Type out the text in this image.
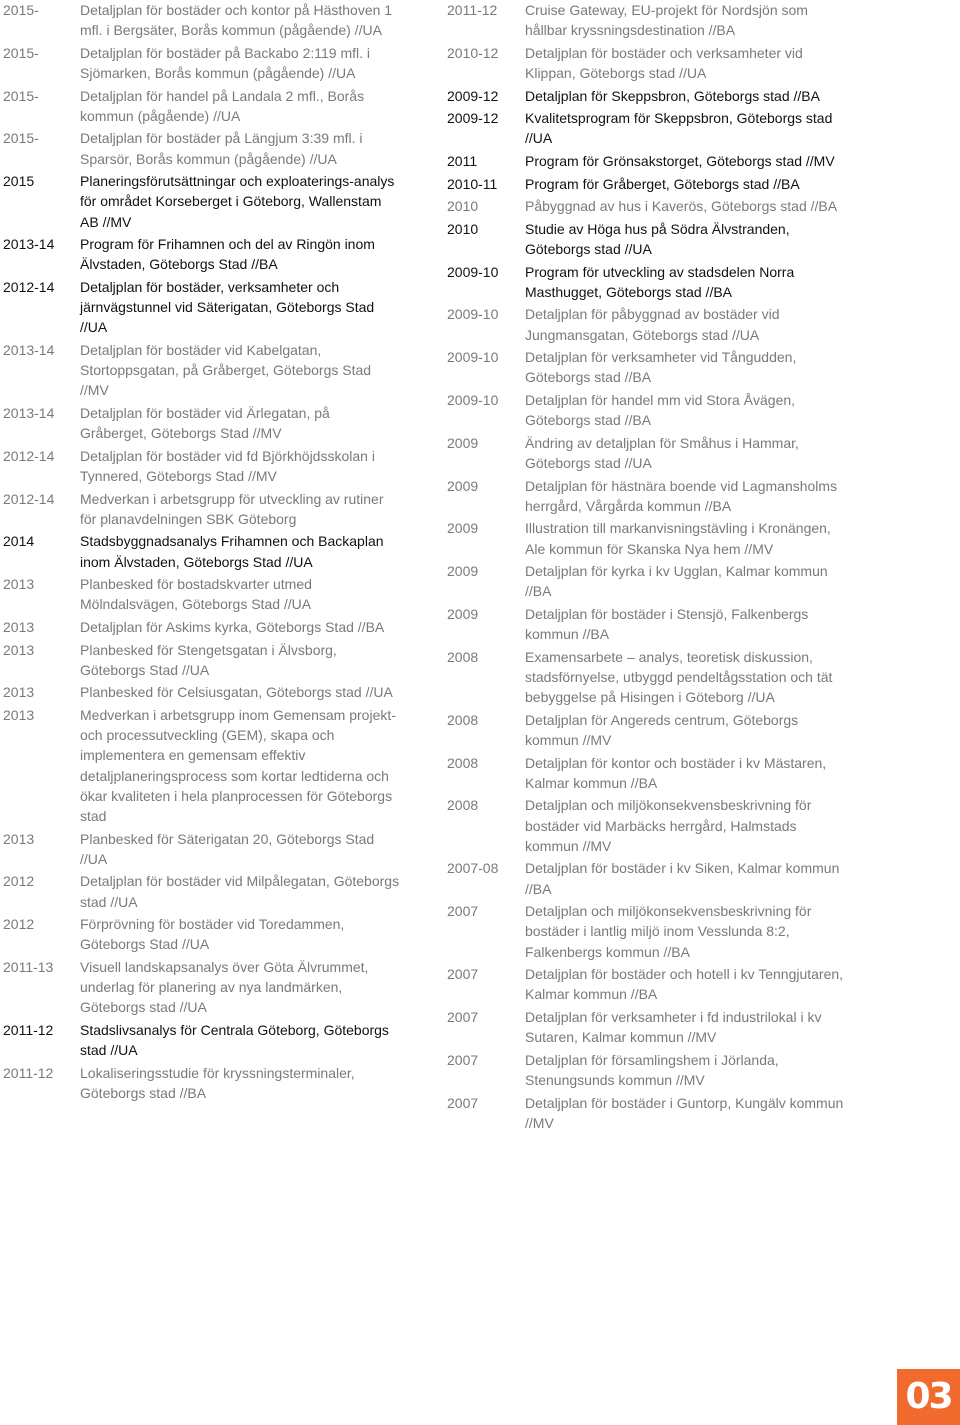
2015-	Detaljplan för bostäder och kontor på Hästhoven 1 mfl. i Bergsäter, Borås kommun (pågående) //UA
2015-	Detaljplan för bostäder på Backabo 2:119 mfl. i Sjömarken, Borås kommun (pågående) //UA
2015-	Detaljplan för handel på Landala 2 mfl., Borås kommun (pågående) //UA
2015-	Detaljplan för bostäder på Längjum 3:39 mfl. i Sparsör, Borås kommun (pågående) //UA
2015	Planeringsförutsättningar och exploaterings-analys för området Korseberget i Göteborg, Wallenstam AB //MV
2013-14	Program för Frihamnen och del av Ringön inom Älvstaden, Göteborgs Stad //BA
2012-14	Detaljplan för bostäder, verksamheter och järnvägstunnel vid Säterigatan, Göteborgs Stad //UA
2013-14	Detaljplan för bostäder vid Kabelgatan, Stortoppsgatan, på Gråberget, Göteborgs Stad //MV
2013-14	Detaljplan för bostäder vid Ärlegatan, på Gråberget, Göteborgs Stad //MV
2012-14	Detaljplan för bostäder vid fd Björkhöjdsskolan i Tynnered, Göteborgs Stad //MV
2012-14	Medverkan i arbetsgrupp för utveckling av rutiner för planavdelningen SBK Göteborg
2014	Stadsbyggnadsanalys Frihamnen och Backaplan inom Älvstaden, Göteborgs Stad //UA
2013	Planbesked för bostadskvarter utmed Mölndalsvägen, Göteborgs Stad //UA
2013	Detaljplan för Askims kyrka, Göteborgs Stad //BA
2013	Planbesked för Stengetsgatan i Älvsborg, Göteborgs Stad //UA
2013	Planbesked för Celsiusgatan, Göteborgs stad //UA
2013	Medverkan i arbetsgrupp inom Gemensam projekt- och processutveckling (GEM), skapa och implementera en gemensam effektiv detaljplaneringsprocess som kortar ledtiderna och ökar kvaliteten i hela planprocessen för Göteborgs stad
2013	Planbesked för Säterigatan 20, Göteborgs Stad //UA
2012	Detaljplan för bostäder vid Milpålegatan, Göteborgs stad //UA
2012	Förprövning för bostäder vid Toredammen, Göteborgs Stad //UA
2011-13	Visuell landskapsanalys över Göta Älvrummet, underlag för planering av nya landmärken, Göteborgs stad //UA
2011-12	Stadslivsanalys för Centrala Göteborg, Göteborgs stad //UA
2011-12	Lokaliseringsstudie för kryssningsterminaler, Göteborgs stad //BA
2011-12	Cruise Gateway, EU-projekt för Nordsjön som hållbar kryssningsdestination //BA
2010-12	Detaljplan för bostäder och verksamheter vid Klippan, Göteborgs stad //UA
2009-12	Detaljplan för Skeppsbron, Göteborgs stad //BA
2009-12	Kvalitetsprogram för Skeppsbron, Göteborgs stad //UA
2011	Program för Grönsakstorget, Göteborgs stad //MV
2010-11	Program för Gråberget, Göteborgs stad //BA
2010	Påbyggnad av hus i Kaverös, Göteborgs stad //BA
2010	Studie av Höga hus på Södra Älvstranden, Göteborgs stad //UA
2009-10	Program för utveckling av stadsdelen Norra Masthugget, Göteborgs stad //BA
2009-10	Detaljplan för påbyggnad av bostäder vid Jungmansgatan, Göteborgs stad //UA
2009-10	Detaljplan för verksamheter vid Tångudden, Göteborgs stad //BA
2009-10	Detaljplan för handel mm vid Stora Åvägen, Göteborgs stad //BA
2009	Ändring av detaljplan för Småhus i Hammar, Göteborgs stad //UA
2009	Detaljplan för hästnära boende vid Lagmansholms herrgård, Vårgårda kommun //BA
2009	Illustration till markanvisningstävling i Kronängen, Ale kommun för Skanska Nya hem //MV
2009	Detaljplan för kyrka i kv Ugglan, Kalmar kommun //BA
2009	Detaljplan för bostäder i Stensjö, Falkenbergs kommun //BA
2008	Examensarbete – analys, teoretisk diskussion, stadsförnyelse, utbyggd pendeltågsstation och tät bebyggelse på Hisingen i Göteborg //UA
2008	Detaljplan för Angereds centrum, Göteborgs kommun //MV
2008	Detaljplan för kontor och bostäder i kv Mästaren, Kalmar kommun //BA
2008	Detaljplan och miljökonsekvensbeskrivning för bostäder vid Marbäcks herrgård, Halmstads kommun //MV
2007-08	Detaljplan för bostäder i kv Siken, Kalmar kommun //BA
2007	Detaljplan och miljökonsekvensbeskrivning för bostäder i lantlig miljö inom Vesslunda 8:2, Falkenbergs kommun //BA
2007	Detaljplan för bostäder och hotell i kv Tenngjutaren, Kalmar kommun //BA
2007	Detaljplan för verksamheter i fd industrilokal i kv Sutaren, Kalmar kommun //MV
2007	Detaljplan för församlingshem i Jörlanda, Stenungsunds kommun //MV
2007	Detaljplan för bostäder i Guntorp, Kungälv kommun //MV
03
